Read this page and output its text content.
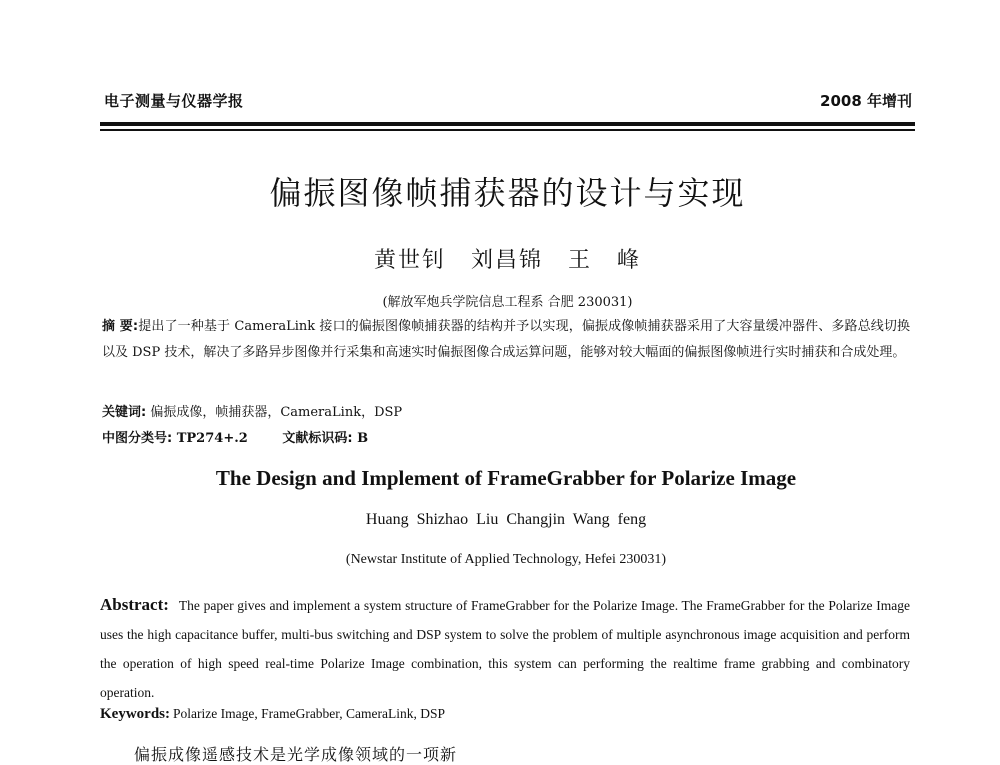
电子测量与仪器学报	2008 年增刊
偏振图像帧捕获器的设计与实现
黄世钊 刘昌锦 王 峰
(解放军炮兵学院信息工程系 合肥 230031)
摘 要:提出了一种基于 CameraLink 接口的偏振图像帧捕获器的结构并予以实现，偏振成像帧捕获器采用了大容量缓冲器件、多路总线切换以及 DSP 技术，解决了多路异步图像并行采集和高速实时偏振图像合成运算问题，能够对较大幅面的偏振图像帧进行实时捕获和合成处理。
关键词: 偏振成像，帧捕获器，CameraLink，DSP
中图分类号: TP274+.2	文献标识码: B
The Design and Implement of FrameGrabber for Polarize Image
Huang Shizhao Liu Changjin Wang feng
(Newstar Institute of Applied Technology, Hefei 230031)
Abstract: The paper gives and implement a system structure of FrameGrabber for the Polarize Image. The FrameGrabber for the Polarize Image uses the high capacitance buffer, multi-bus switching and DSP system to solve the problem of multiple asynchronous image acquisition and perform the operation of high speed real-time Polarize Image combination, this system can performing the realtime frame grabbing and combinatory operation.
Keywords: Polarize Image, FrameGrabber, CameraLink, DSP
偏振成像遥感技术是光学成像领域的一项新
